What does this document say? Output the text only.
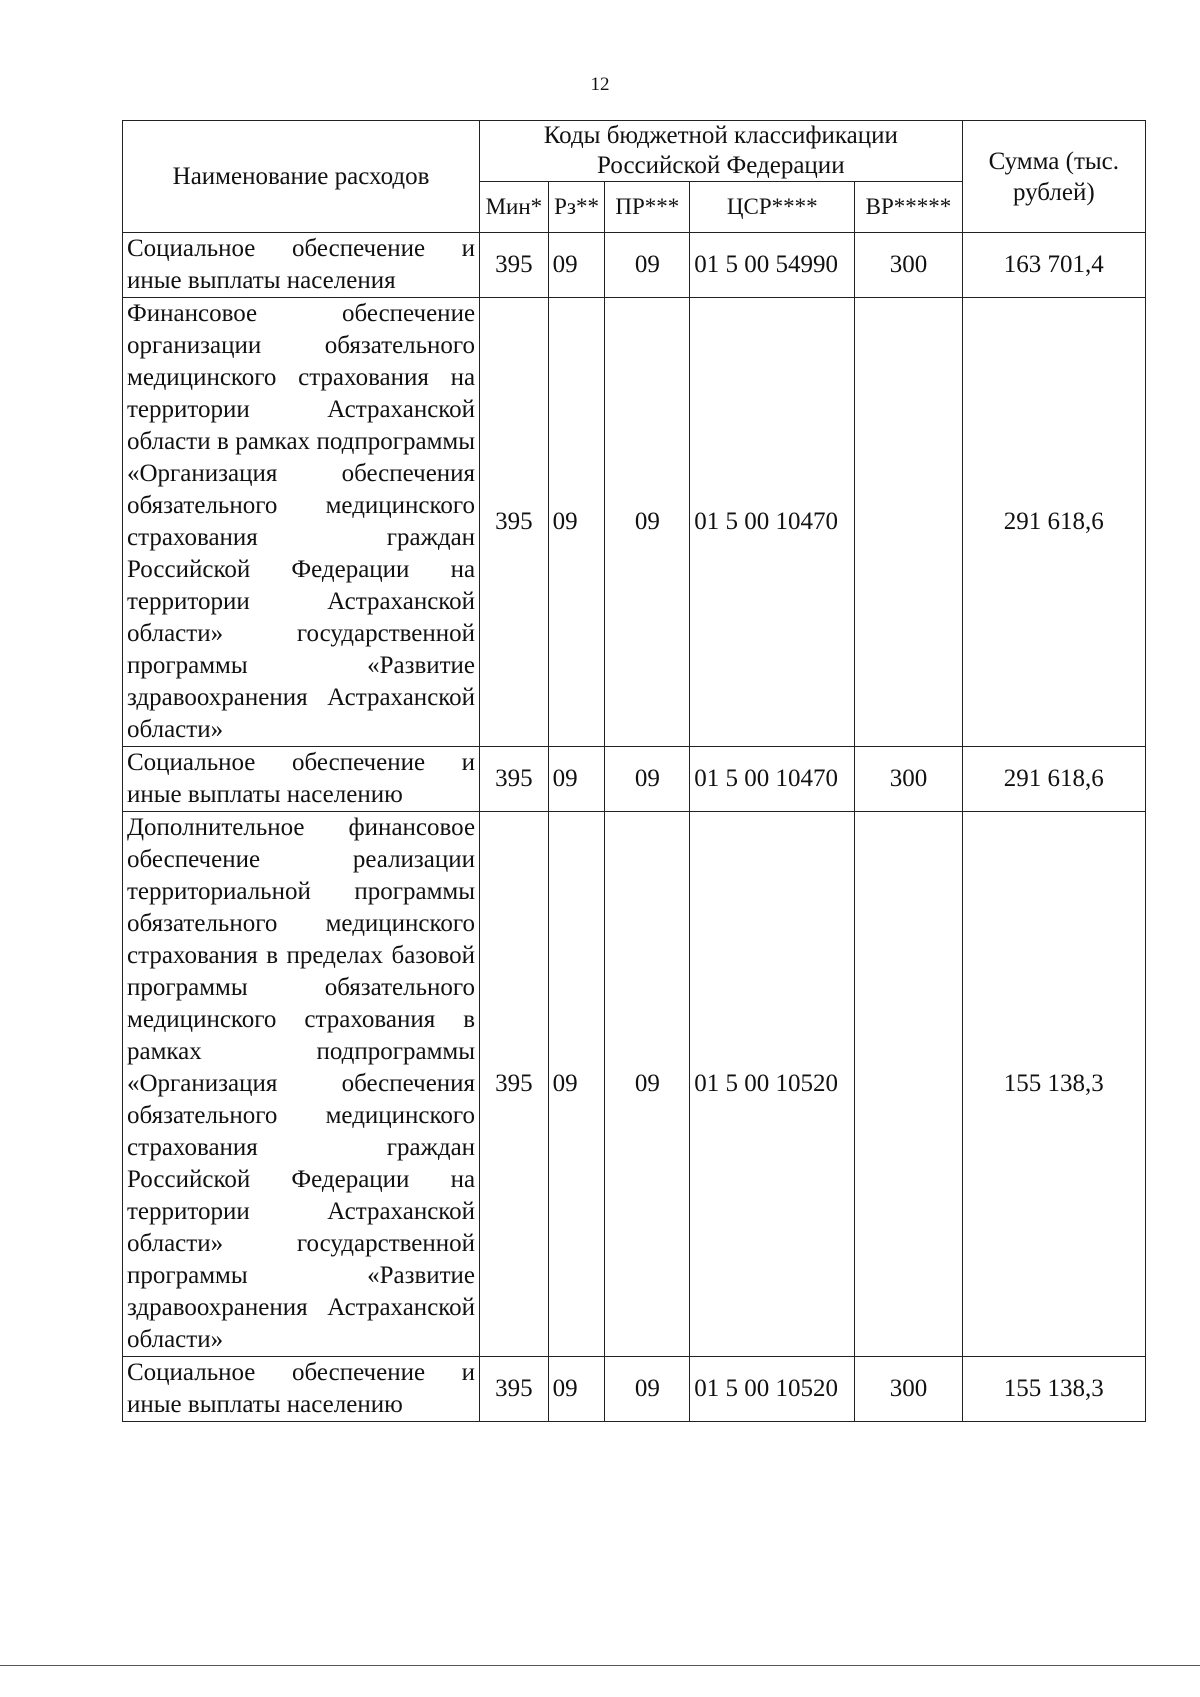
12
Наименование расходов	Коды бюджетной классификации Российской Федерации					Сумма (тыс. рублей)
	Мин*	Рз**	ПР***	ЦСР****	ВР*****	
Социальное обеспечение и иные выплаты населения	395	09	09	01 5 00 54990	300	163 701,4
Финансовое обеспечение организации обязательного медицинского страхования на территории Астраханской области в рамках подпрограммы «Организация обеспечения обязательного медицинского страхования граждан Российской Федерации на территории Астраханской области» государственной программы «Развитие здравоохранения Астраханской области»	395	09	09	01 5 00 10470		291 618,6
Социальное обеспечение и иные выплаты населению	395	09	09	01 5 00 10470	300	291 618,6
Дополнительное финансовое обеспечение реализации территориальной программы обязательного медицинского страхования в пределах базовой программы обязательного медицинского страхования в рамках подпрограммы «Организация обеспечения обязательного медицинского страхования граждан Российской Федерации на территории Астраханской области» государственной программы «Развитие здравоохранения Астраханской области»	395	09	09	01 5 00 10520		155 138,3
Социальное обеспечение и иные выплаты населению	395	09	09	01 5 00 10520	300	155 138,3
